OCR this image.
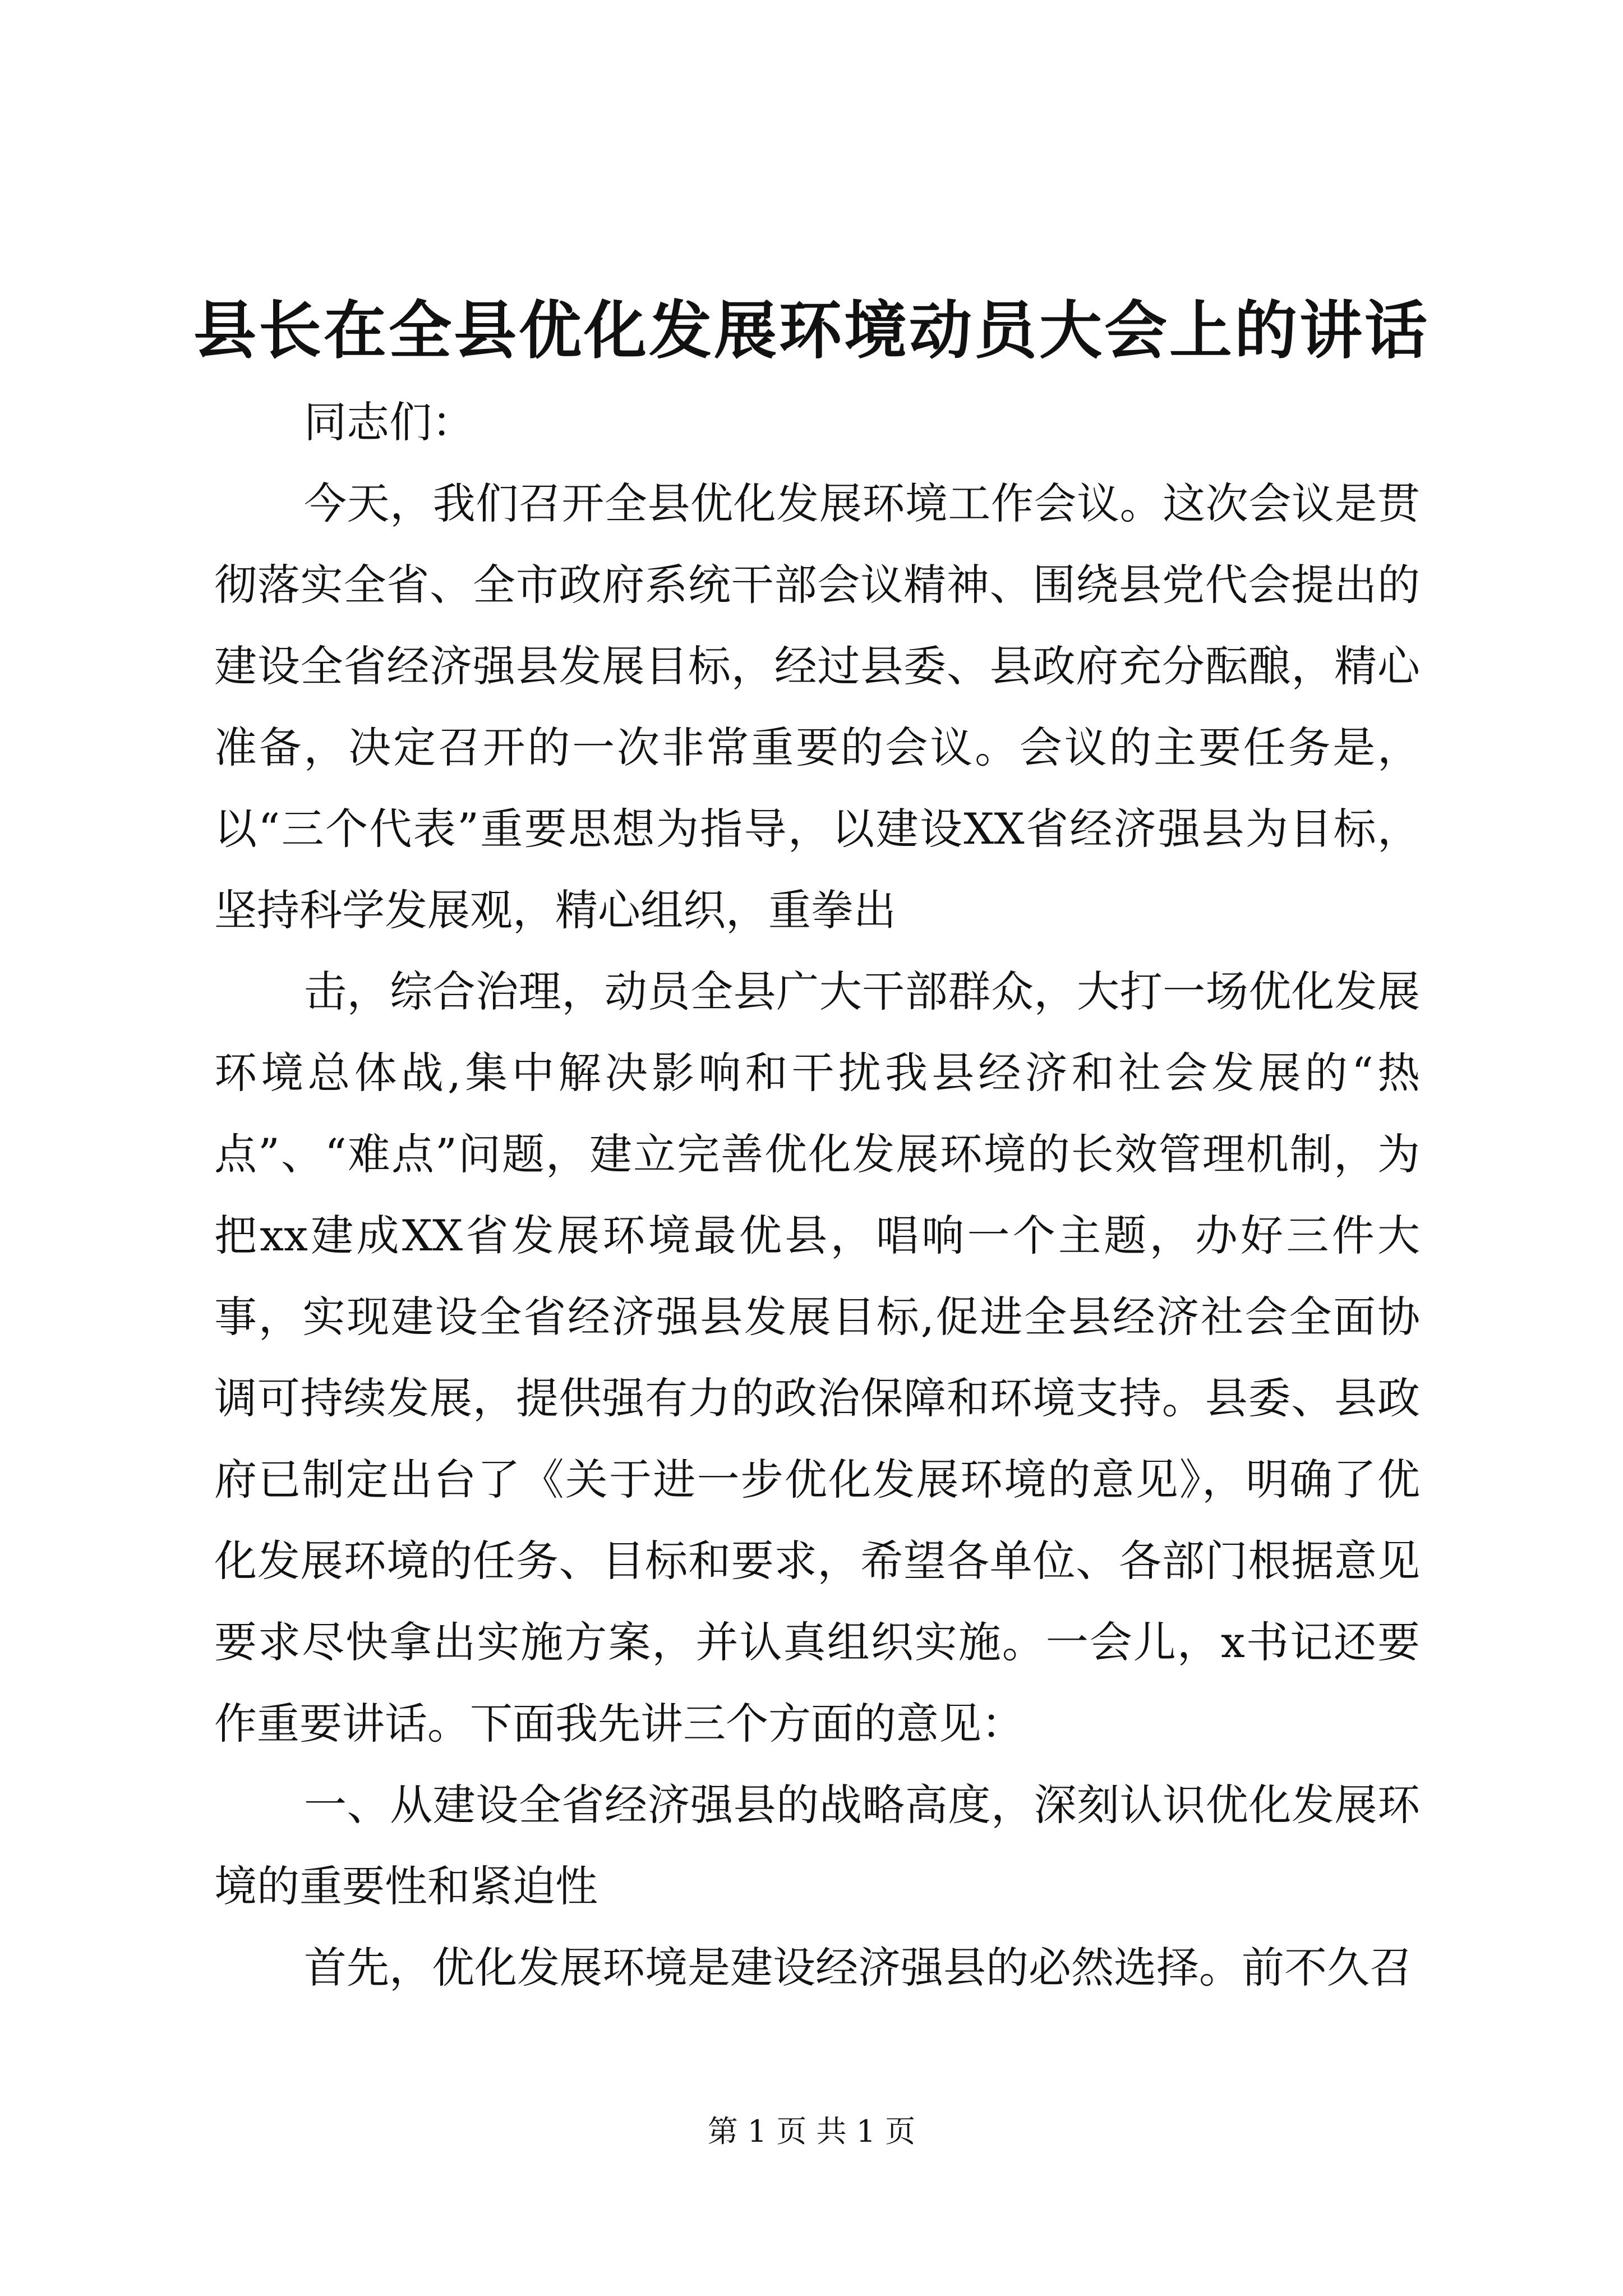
县长在全县优化发展环境动员大会上的讲话

同志们：

今天，我们召开全县优化发展环境工作会议。这次会议是贯彻落实全省、全市政府系统干部会议精神、围绕县党代会提出的建设全省经济强县发展目标，经过县委、县政府充分酝酿，精心准备，决定召开的一次非常重要的会议。会议的主要任务是，以“三个代表”重要思想为指导，以建设XX省经济强县为目标，坚持科学发展观，精心组织，重拳出

击，综合治理，动员全县广大干部群众，大打一场优化发展环境总体战,集中解决影响和干扰我县经济和社会发展的“热点”、“难点”问题，建立完善优化发展环境的长效管理机制，为把xx建成XX省发展环境最优县，唱响一个主题，办好三件大事，实现建设全省经济强县发展目标,促进全县经济社会全面协调可持续发展，提供强有力的政治保障和环境支持。县委、县政府已制定出台了《关于进一步优化发展环境的意见》，明确了优化发展环境的任务、目标和要求，希望各单位、各部门根据意见要求尽快拿出实施方案，并认真组织实施。一会儿，x书记还要作重要讲话。下面我先讲三个方面的意见：

一、从建设全省经济强县的战略高度，深刻认识优化发展环境的重要性和紧迫性

首先，优化发展环境是建设经济强县的必然选择。前不久召

第 1 页 共 1 页
